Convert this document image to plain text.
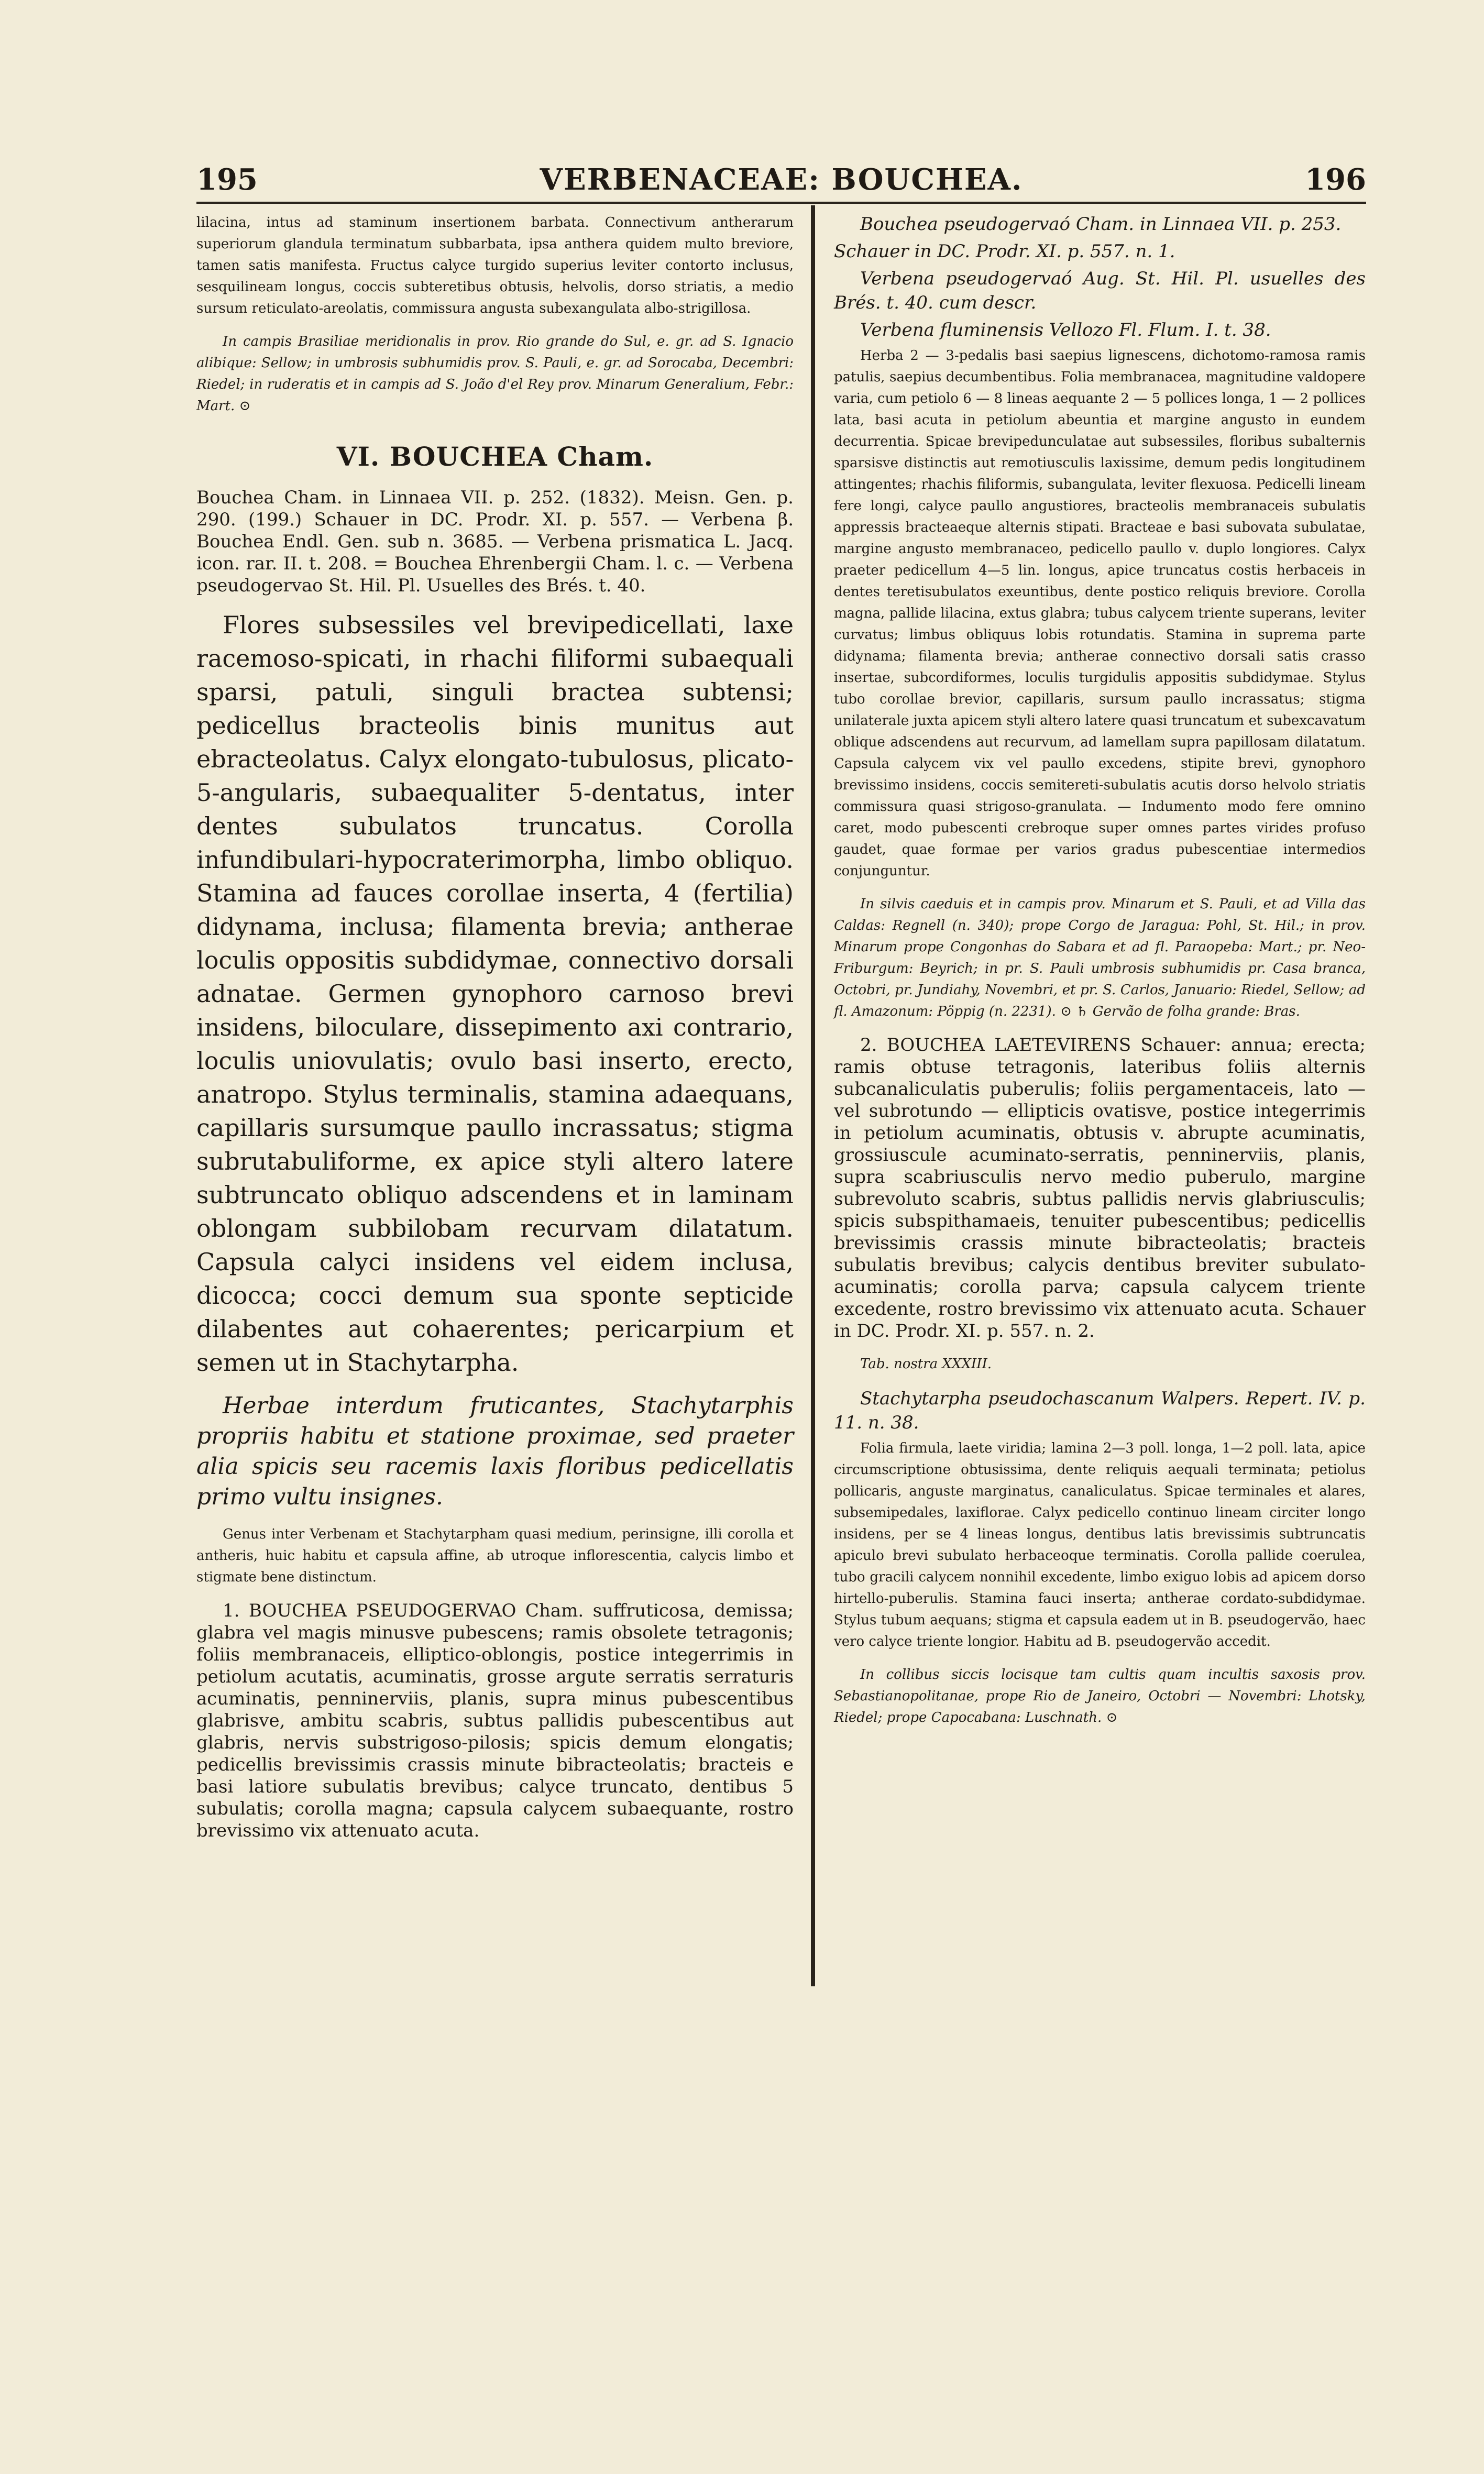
195	VERBENACEAE: BOUCHEA.	196

lilacina, intus ad staminum insertionem barbata. Connectivum antherarum superiorum glandula terminatum subbarbata, ipsa anthera quidem multo breviore, tamen satis manifesta. Fructus calyce turgido superius leviter contorto inclusus, sesquilineam longus, coccis subteretibus obtusis, helvolis, dorso striatis, a medio sursum reticulato-areolatis, commissura angusta subexangulata albo-strigillosa.

In campis Brasiliae meridionalis in prov. Rio grande do Sul, e. gr. ad S. Ignacio alibique: Sellow; in umbrosis subhumidis prov. S. Pauli, e. gr. ad Sorocaba, Decembri: Riedel; in ruderatis et in campis ad S. João d'el Rey prov. Minarum Generalium, Febr.: Mart. ⊙

VI. BOUCHEA Cham.

Bouchea Cham. in Linnaea VII. p. 252. (1832). Meisn. Gen. p. 290. (199.) Schauer in DC. Prodr. XI. p. 557. — Verbena β. Bouchea Endl. Gen. sub n. 3685. — Verbena prismatica L. Jacq. icon. rar. II. t. 208. = Bouchea Ehrenbergii Cham. l. c. — Verbena pseudogervao St. Hil. Pl. Usuelles des Brés. t. 40.

Flores subsessiles vel brevipedicellati, laxe racemoso-spicati, in rhachi filiformi subaequali sparsi, patuli, singuli bractea subtensi; pedicellus bracteolis binis munitus aut ebracteolatus. Calyx elongato-tubulosus, plicato-5-angularis, subaequaliter 5-dentatus, inter dentes subulatos truncatus. Corolla infundibulari-hypocraterimorpha, limbo obliquo. Stamina ad fauces corollae inserta, 4 (fertilia) didynama, inclusa; filamenta brevia; antherae loculis oppositis subdidymae, connectivo dorsali adnatae. Germen gynophoro carnoso brevi insidens, biloculare, dissepimento axi contrario, loculis uniovulatis; ovulo basi inserto, erecto, anatropo. Stylus terminalis, stamina adaequans, capillaris sursumque paullo incrassatus; stigma subrutabuliforme, ex apice styli altero latere subtruncato obliquo adscendens et in laminam oblongam subbilobam recurvam dilatatum. Capsula calyci insidens vel eidem inclusa, dicocca; cocci demum sua sponte septicide dilabentes aut cohaerentes; pericarpium et semen ut in Stachytarpha.

Herbae interdum fruticantes, Stachytarphis propriis habitu et statione proximae, sed praeter alia spicis seu racemis laxis floribus pedicellatis primo vultu insignes.

Genus inter Verbenam et Stachytarpham quasi medium, perinsigne, illi corolla et antheris, huic habitu et capsula affine, ab utroque inflorescentia, calycis limbo et stigmate bene distinctum.

1. BOUCHEA PSEUDOGERVAO Cham. suffruticosa, demissa; glabra vel magis minusve pubescens; ramis obsolete tetragonis; foliis membranaceis, elliptico-oblongis, postice integerrimis in petiolum acutatis, acuminatis, grosse argute serratis serraturis acuminatis, penninerviis, planis, supra minus pubescentibus glabrisve, ambitu scabris, subtus pallidis pubescentibus aut glabris, nervis substrigoso-pilosis; spicis demum elongatis; pedicellis brevissimis crassis minute bibracteolatis; bracteis e basi latiore subulatis brevibus; calyce truncato, dentibus 5 subulatis; corolla magna; capsula calycem subaequante, rostro brevissimo vix attenuato acuta.

Bouchea pseudogervaó Cham. in Linnaea VII. p. 253.

Schauer in DC. Prodr. XI. p. 557. n. 1.

Verbena pseudogervaó Aug. St. Hil. Pl. usuelles des Brés. t. 40. cum descr.

Verbena fluminensis Vellozo Fl. Flum. I. t. 38.

Herba 2 — 3-pedalis basi saepius lignescens, dichotomo-ramosa ramis patulis, saepius decumbentibus. Folia membranacea, magnitudine valdopere varia, cum petiolo 6 — 8 lineas aequante 2 — 5 pollices longa, 1 — 2 pollices lata, basi acuta in petiolum abeuntia et margine angusto in eundem decurrentia. Spicae brevipedunculatae aut subsessiles, floribus subalternis sparsisve distinctis aut remotiusculis laxissime, demum pedis longitudinem attingentes; rhachis filiformis, subangulata, leviter flexuosa. Pedicelli lineam fere longi, calyce paullo angustiores, bracteolis membranaceis subulatis appressis bracteaeque alternis stipati. Bracteae e basi subovata subulatae, margine angusto membranaceo, pedicello paullo v. duplo longiores. Calyx praeter pedicellum 4—5 lin. longus, apice truncatus costis herbaceis in dentes teretisubulatos exeuntibus, dente postico reliquis breviore. Corolla magna, pallide lilacina, extus glabra; tubus calycem triente superans, leviter curvatus; limbus obliquus lobis rotundatis. Stamina in suprema parte didynama; filamenta brevia; antherae connectivo dorsali satis crasso insertae, subcordiformes, loculis turgidulis appositis subdidymae. Stylus tubo corollae brevior, capillaris, sursum paullo incrassatus; stigma unilaterale juxta apicem styli altero latere quasi truncatum et subexcavatum oblique adscendens aut recurvum, ad lamellam supra papillosam dilatatum. Capsula calycem vix vel paullo excedens, stipite brevi, gynophoro brevissimo insidens, coccis semitereti-subulatis acutis dorso helvolo striatis commissura quasi strigoso-granulata. — Indumento modo fere omnino caret, modo pubescenti crebroque super omnes partes virides profuso gaudet, quae formae per varios gradus pubescentiae intermedios conjunguntur.

In silvis caeduis et in campis prov. Minarum et S. Pauli, et ad Villa das Caldas: Regnell (n. 340); prope Corgo de Jaragua: Pohl, St. Hil.; in prov. Minarum prope Congonhas do Sabara et ad fl. Paraopeba: Mart.; pr. Neo-Friburgum: Beyrich; in pr. S. Pauli umbrosis subhumidis pr. Casa branca, Octobri, pr. Jundiahy, Novembri, et pr. S. Carlos, Januario: Riedel, Sellow; ad fl. Amazonum: Pöppig (n. 2231). ⊙ ♄ Gervão de folha grande: Bras.

2. BOUCHEA LAETEVIRENS Schauer: annua; erecta; ramis obtuse tetragonis, lateribus foliis alternis subcanaliculatis puberulis; foliis pergamentaceis, lato — vel subrotundo — ellipticis ovatisve, postice integerrimis in petiolum acuminatis, obtusis v. abrupte acuminatis, grossiuscule acuminato-serratis, penninerviis, planis, supra scabriusculis nervo medio puberulo, margine subrevoluto scabris, subtus pallidis nervis glabriusculis; spicis subspithamaeis, tenuiter pubescentibus; pedicellis brevissimis crassis minute bibracteolatis; bracteis subulatis brevibus; calycis dentibus breviter subulato-acuminatis; corolla parva; capsula calycem triente excedente, rostro brevissimo vix attenuato acuta. Schauer in DC. Prodr. XI. p. 557. n. 2.

Tab. nostra XXXIII.

Stachytarpha pseudochascanum Walpers. Repert. IV. p. 11. n. 38.

Folia firmula, laete viridia; lamina 2—3 poll. longa, 1—2 poll. lata, apice circumscriptione obtusissima, dente reliquis aequali terminata; petiolus pollicaris, anguste marginatus, canaliculatus. Spicae terminales et alares, subsemipedales, laxiflorae. Calyx pedicello continuo lineam circiter longo insidens, per se 4 lineas longus, dentibus latis brevissimis subtruncatis apiculo brevi subulato herbaceoque terminatis. Corolla pallide coerulea, tubo gracili calycem nonnihil excedente, limbo exiguo lobis ad apicem dorso hirtello-puberulis. Stamina fauci inserta; antherae cordato-subdidymae. Stylus tubum aequans; stigma et capsula eadem ut in B. pseudogervão, haec vero calyce triente longior. Habitu ad B. pseudogervão accedit.

In collibus siccis locisque tam cultis quam incultis saxosis prov. Sebastianopolitanae, prope Rio de Janeiro, Octobri — Novembri: Lhotsky, Riedel; prope Capocabana: Luschnath. ⊙
